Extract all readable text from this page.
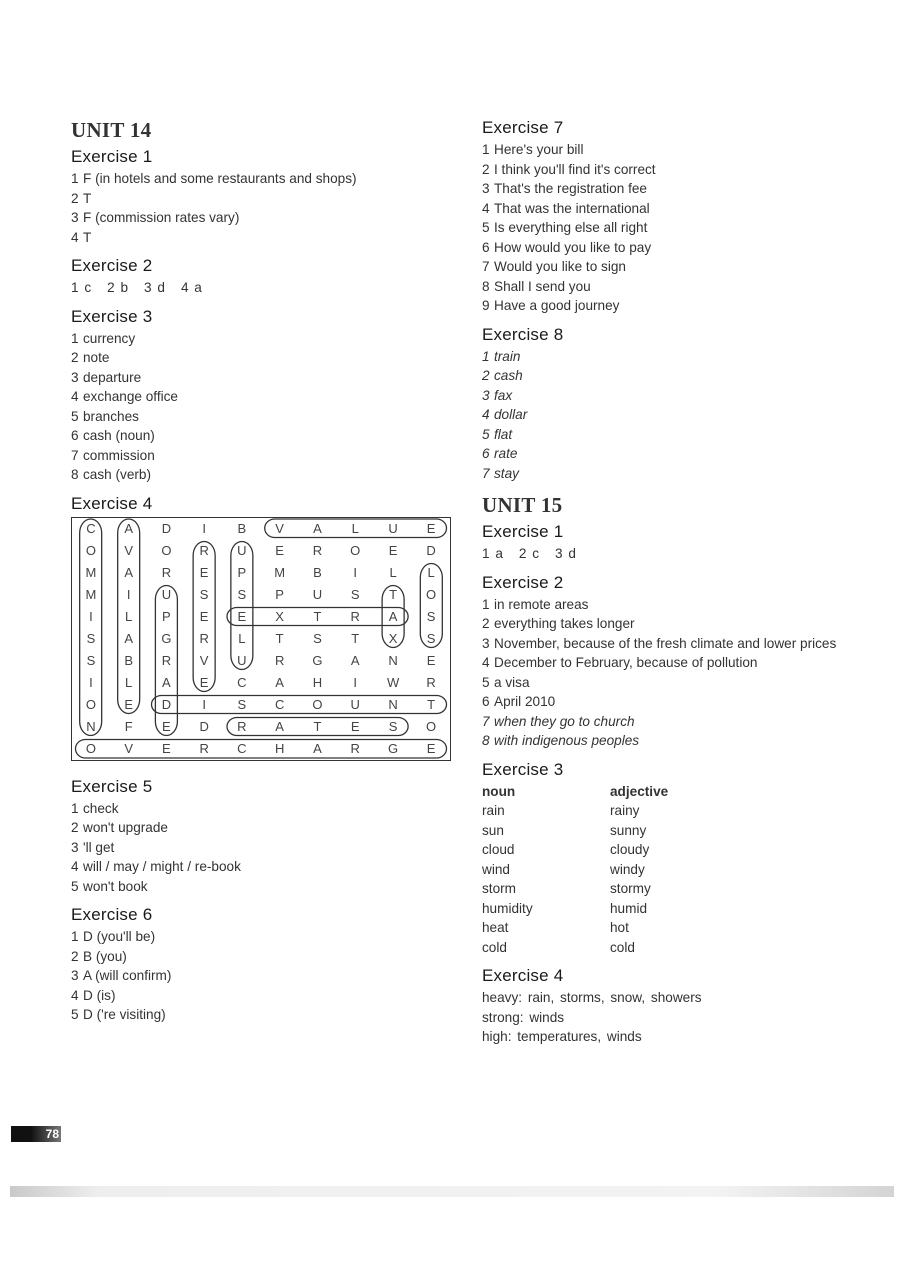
UNIT 14
Exercise 1
1 F (in hotels and some restaurants and shops)
2 T
3 F (commission rates vary)
4 T
Exercise 2
1 c 2 b 3 d 4 a
Exercise 3
1 currency
2 note
3 departure
4 exchange office
5 branches
6 cash (noun)
7 commission
8 cash (verb)
Exercise 4
C	A	D	I	B	V	A	L	U	E
O	V	O	R	U	E	R	O	E	D
M	A	R	E	P	M	B	I	L	L
M	I	U	S	S	P	U	S	T	O
I	L	P	E	E	X	T	R	A	S
S	A	G	R	L	T	S	T	X	S
S	B	R	V	U	R	G	A	N	E
I	L	A	E	C	A	H	I	W	R
O	E	D	I	S	C	O	U	N	T
N	F	E	D	R	A	T	E	S	O
O	V	E	R	C	H	A	R	G	E
Exercise 5
1 check
2 won't upgrade
3 'll get
4 will / may / might / re-book
5 won't book
Exercise 6
1 D (you'll be)
2 B (you)
3 A (will confirm)
4 D (is)
5 D ('re visiting)
Exercise 7
1 Here's your bill
2 I think you'll find it's correct
3 That's the registration fee
4 That was the international
5 Is everything else all right
6 How would you like to pay
7 Would you like to sign
8 Shall I send you
9 Have a good journey
Exercise 8
1 train
2 cash
3 fax
4 dollar
5 flat
6 rate
7 stay
UNIT 15
Exercise 1
1 a 2 c 3 d
Exercise 2
1 in remote areas
2 everything takes longer
3 November, because of the fresh climate and lower prices
4 December to February, because of pollution
5 a visa
6 April 2010
7 when they go to church
8 with indigenous peoples
Exercise 3
noun	adjective
rain	rainy
sun	sunny
cloud	cloudy
wind	windy
storm	stormy
humidity	humid
heat	hot
cold	cold
Exercise 4
heavy: rain, storms, snow, showers
strong: winds
high: temperatures, winds
78
